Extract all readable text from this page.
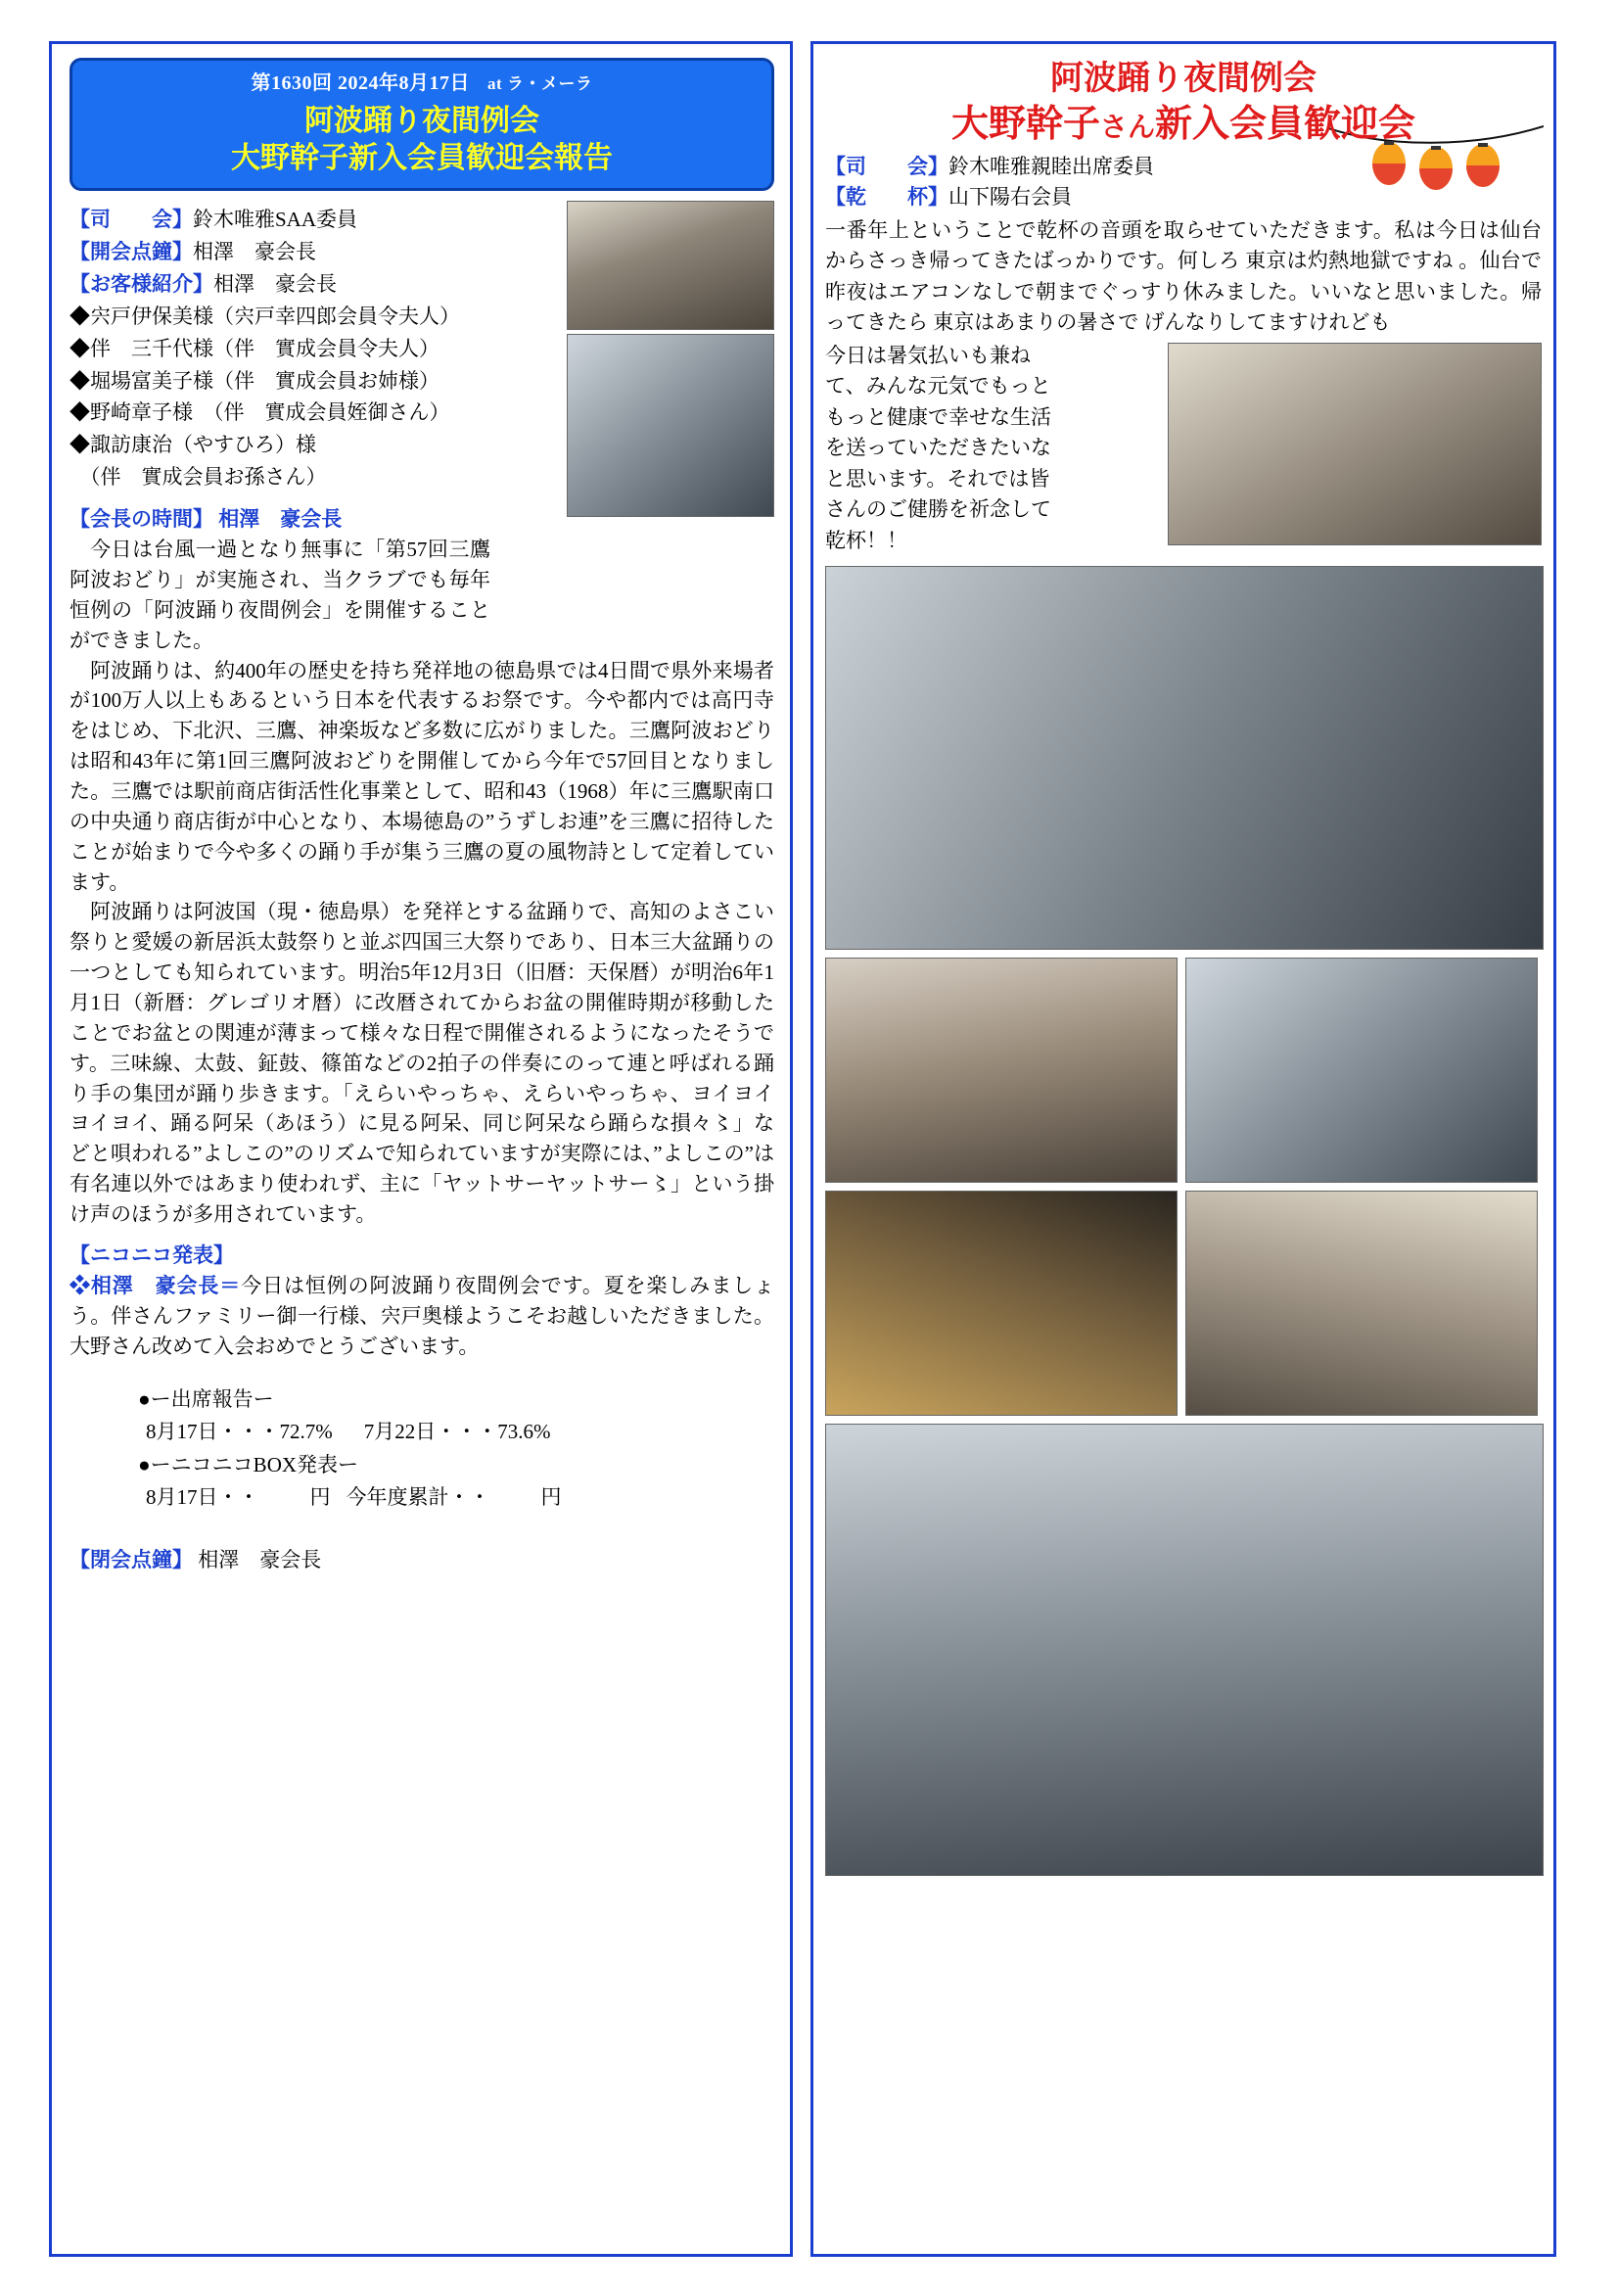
第1630回 2024年8月17日 at ラ・メーラ
阿波踊り夜間例会
大野幹子新入会員歓迎会報告
【司　　会】鈴木唯雅SAA委員
【開会点鐘】相澤　豪会長
【お客様紹介】相澤　豪会長
◆宍戸伊保美様（宍戸幸四郎会員令夫人）
◆伴　三千代様（伴　實成会員令夫人）
◆堀場富美子様（伴　實成会員お姉様）
◆野崎章子様　（伴　實成会員姪御さん）
◆諏訪康治（やすひろ）様
　（伴　實成会員お孫さん）
【会長の時間】 相澤　豪会長

今日は台風一過となり無事に「第57回三鷹阿波おどり」が実施され、当クラブでも毎年恒例の「阿波踊り夜間例会」を開催することができました。

阿波踊りは、約400年の歴史を持ち発祥地の徳島県では4日間で県外来場者が100万人以上もあるという日本を代表するお祭です。今や都内では高円寺をはじめ、下北沢、三鷹、神楽坂など多数に広がりました。三鷹阿波おどりは昭和43年に第1回三鷹阿波おどりを開催してから今年で57回目となりました。三鷹では駅前商店街活性化事業として、昭和43（1968）年に三鷹駅南口の中央通り商店街が中心となり、本場徳島の”うずしお連”を三鷹に招待したことが始まりで今や多くの踊り手が集う三鷹の夏の風物詩として定着しています。

阿波踊りは阿波国（現・徳島県）を発祥とする盆踊りで、高知のよさこい祭りと愛媛の新居浜太鼓祭りと並ぶ四国三大祭りであり、日本三大盆踊りの一つとしても知られています。明治5年12月3日（旧暦：天保暦）が明治6年1月1日（新暦：グレゴリオ暦）に改暦されてからお盆の開催時期が移動したことでお盆との関連が薄まって様々な日程で開催されるようになったそうです。三味線、太鼓、鉦鼓、篠笛などの2拍子の伴奏にのって連と呼ばれる踊り手の集団が踊り歩きます。「えらいやっちゃ、えらいやっちゃ、ヨイヨイヨイヨイ、踊る阿呆（あほう）に見る阿呆、同じ阿呆なら踊らな損々〻」などと唄われる”よしこの”のリズムで知られていますが実際には、”よしこの”は有名連以外ではあまり使われず、主に「ヤットサーヤットサー〻」という掛け声のほうが多用されています。

【ニコニコ発表】

❖相澤　豪会長＝今日は恒例の阿波踊り夜間例会です。夏を楽しみましょう。伴さんファミリー御一行様、宍戸奥様ようこそお越しいただきました。大野さん改めて入会おめでとうございます。

●ー出席報告ー
8月17日・・・72.7% 7月22日・・・73.6%
●ーニコニコBOX発表ー
8月17日・・ 円 今年度累計・・ 円
【閉会点鐘】 相澤　豪会長
阿波踊り夜間例会
大野幹子さん新入会員歓迎会
【司　　会】鈴木唯雅親睦出席委員
【乾　　杯】山下陽右会員

一番年上ということで乾杯の音頭を取らせていただきます。私は今日は仙台からさっき帰ってきたばっかりです。何しろ 東京は灼熱地獄ですね 。仙台で昨夜はエアコンなしで朝までぐっすり休みました。いいなと思いました。帰ってきたら 東京はあまりの暑さで げんなりしてますけれども

今日は暑気払いも兼ねて、みんな元気でもっともっと健康で幸せな生活を送っていただきたいなと思います。それでは皆さんのご健勝を祈念して乾杯！！
